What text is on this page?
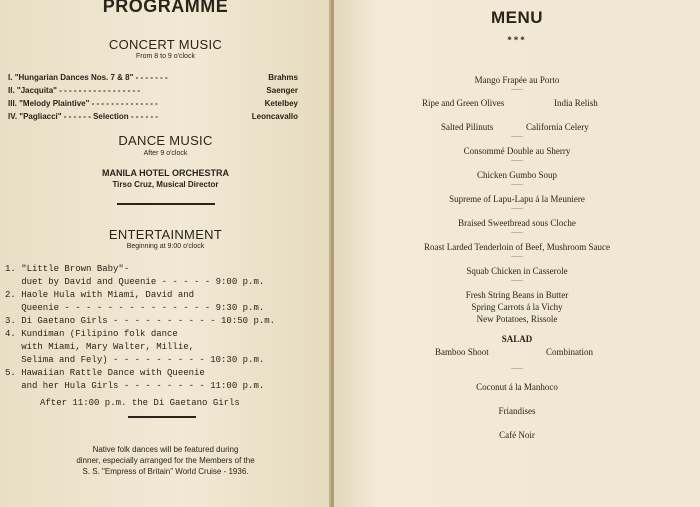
PROGRAMME
CONCERT MUSIC
From 8 to 9 o'clock
I. "Hungarian Dances Nos. 7 & 8" - - - - - - -	Brahms
II. "Jacquita" - - - - - - - - - - - - - - - - -	Saenger
III. "Melody Plaintive" - - - - - - - - - - - - - -	Ketelbey
IV. "Pagliacci" - - - - - - Selection - - - - - -	Leoncavallo
DANCE MUSIC
After 9 o'clock
MANILA HOTEL ORCHESTRA
Tirso Cruz, Musical Director
ENTERTAINMENT
Beginning at 9:00 o'clock
1. "Little Brown Baby"-
duet by David and Queenie - - - - - 9:00 p.m.
2. Haole Hula with Miami, David and
Queenie - - - - - - - - - - - - - - 9:30 p.m.
3. Di Gaetano Girls - - - - - - - - - - 10:50 p.m.
4. Kundiman (Filipino folk dance
with Miami, Mary Walter, Millie,
Selima and Fely) - - - - - - - - - 10:30 p.m.
5. Hawaiian Rattle Dance with Queenie
and her Hula Girls - - - - - - - - 11:00 p.m.
After 11:00 p.m. the Di Gaetano Girls
Native folk dances will be featured during
dinner, especially arranged for the Members of the
S. S. "Empress of Britain" World Cruise - 1936.
MENU
***
Mango Frapée au Porto
------
Ripe and Green Olives	India Relish
Salted Pilinuts	California Celery
------
Consommé Double au Sherry
------
Chicken Gumbo Soup
------
Supreme of Lapu-Lapu á la Meuniere
------
Braised Sweetbread sous Cloche
------
Roast Larded Tenderloin of Beef, Mushroom Sauce
------
Squab Chicken in Casserole
------
Fresh String Beans in Butter
Spring Carrots á la Vichy
New Potatoes, Rissole
SALAD
Bamboo Shoot	Combination
------
Coconut á la Manhoco
Friandises
Café Noir
